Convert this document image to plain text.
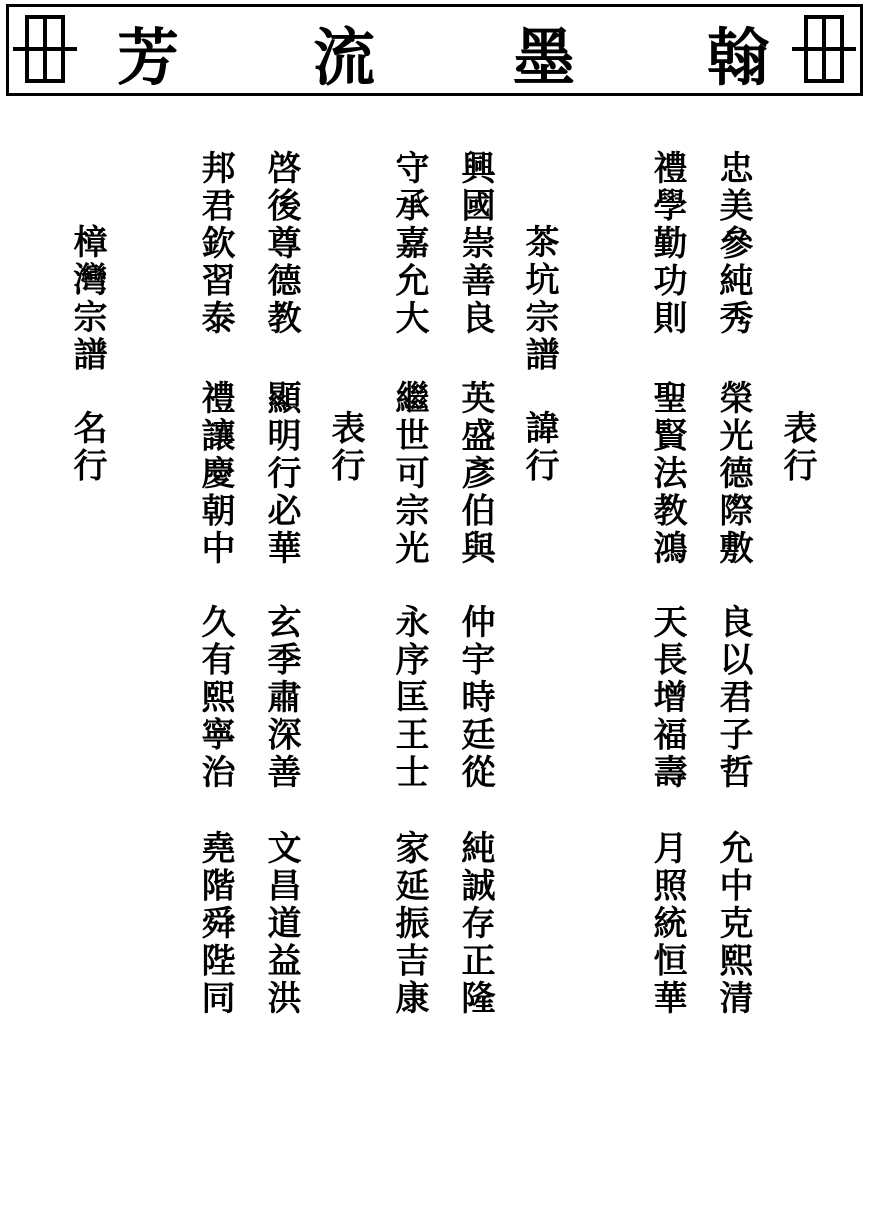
芳 流 墨 翰
表行
忠美參純秀
榮光德際敷
良以君子哲
允中克熙清
禮學勤功則
聖賢法教鴻
天長增福壽
月照統恒華
茶坑宗譜
諱行
興國崇善良
英盛彥伯與
仲宇時廷從
純誠存正隆
守承嘉允大
繼世可宗光
永序匡王士
家延振吉康
表行
啓後尊德教
顯明行必華
玄季肅深善
文昌道益洪
邦君欽習泰
禮讓慶朝中
久有熙寧治
堯階舜陛同
樟灣宗譜
名行
